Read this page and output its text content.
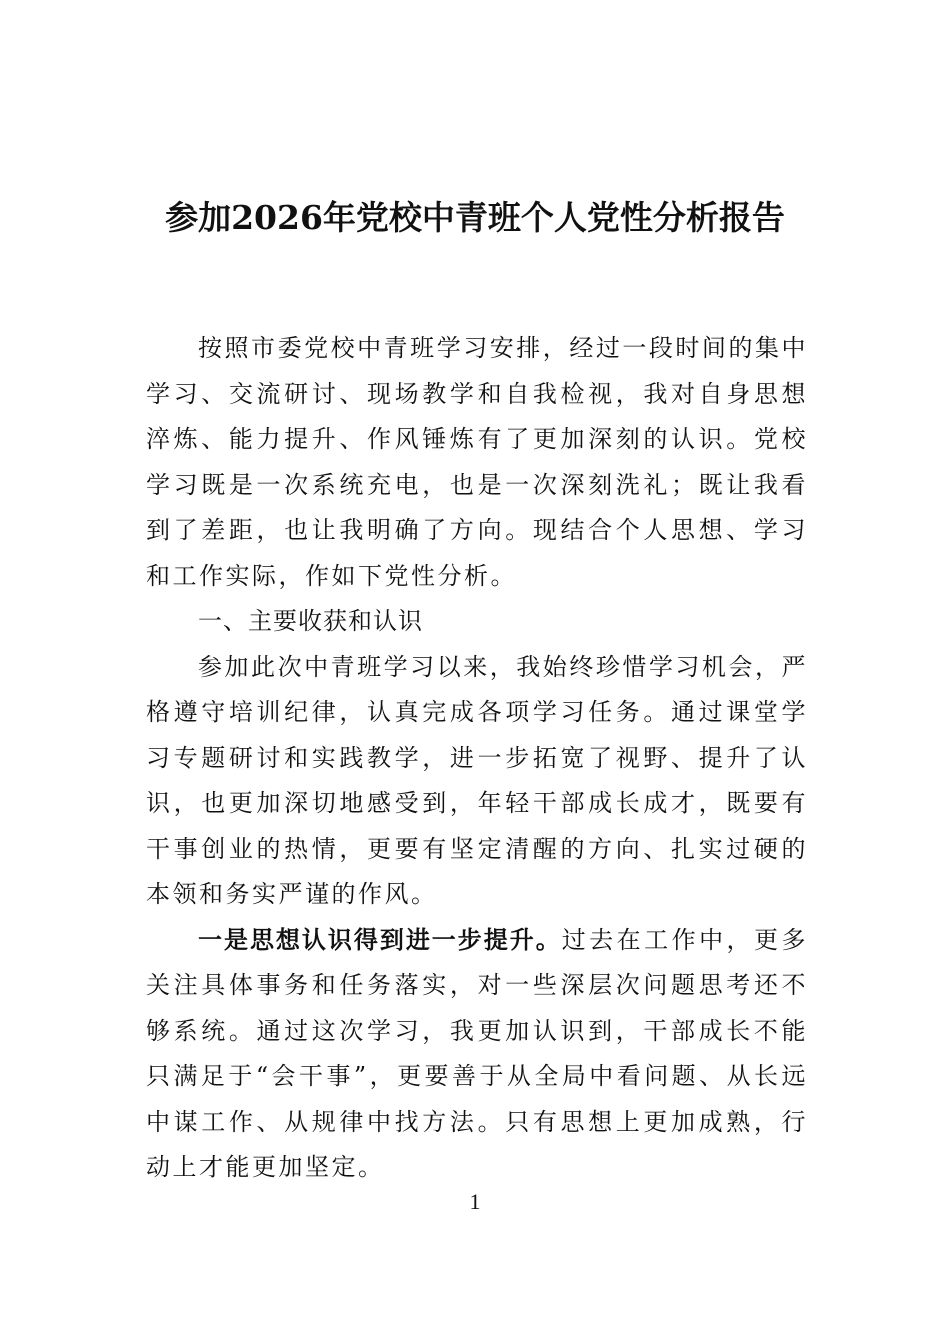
参加2026年党校中青班个人党性分析报告

按照市委党校中青班学习安排，经过一段时间的集中学习、交流研讨、现场教学和自我检视，我对自身思想淬炼、能力提升、作风锤炼有了更加深刻的认识。党校学习既是一次系统充电，也是一次深刻洗礼；既让我看到了差距，也让我明确了方向。现结合个人思想、学习和工作实际，作如下党性分析。

一、主要收获和认识

参加此次中青班学习以来，我始终珍惜学习机会，严格遵守培训纪律，认真完成各项学习任务。通过课堂学习专题研讨和实践教学，进一步拓宽了视野、提升了认识，也更加深切地感受到，年轻干部成长成才，既要有干事创业的热情，更要有坚定清醒的方向、扎实过硬的本领和务实严谨的作风。

一是思想认识得到进一步提升。过去在工作中，更多关注具体事务和任务落实，对一些深层次问题思考还不够系统。通过这次学习，我更加认识到，干部成长不能只满足于“会干事”，更要善于从全局中看问题、从长远中谋工作、从规律中找方法。只有思想上更加成熟，行动上才能更加坚定。

1
